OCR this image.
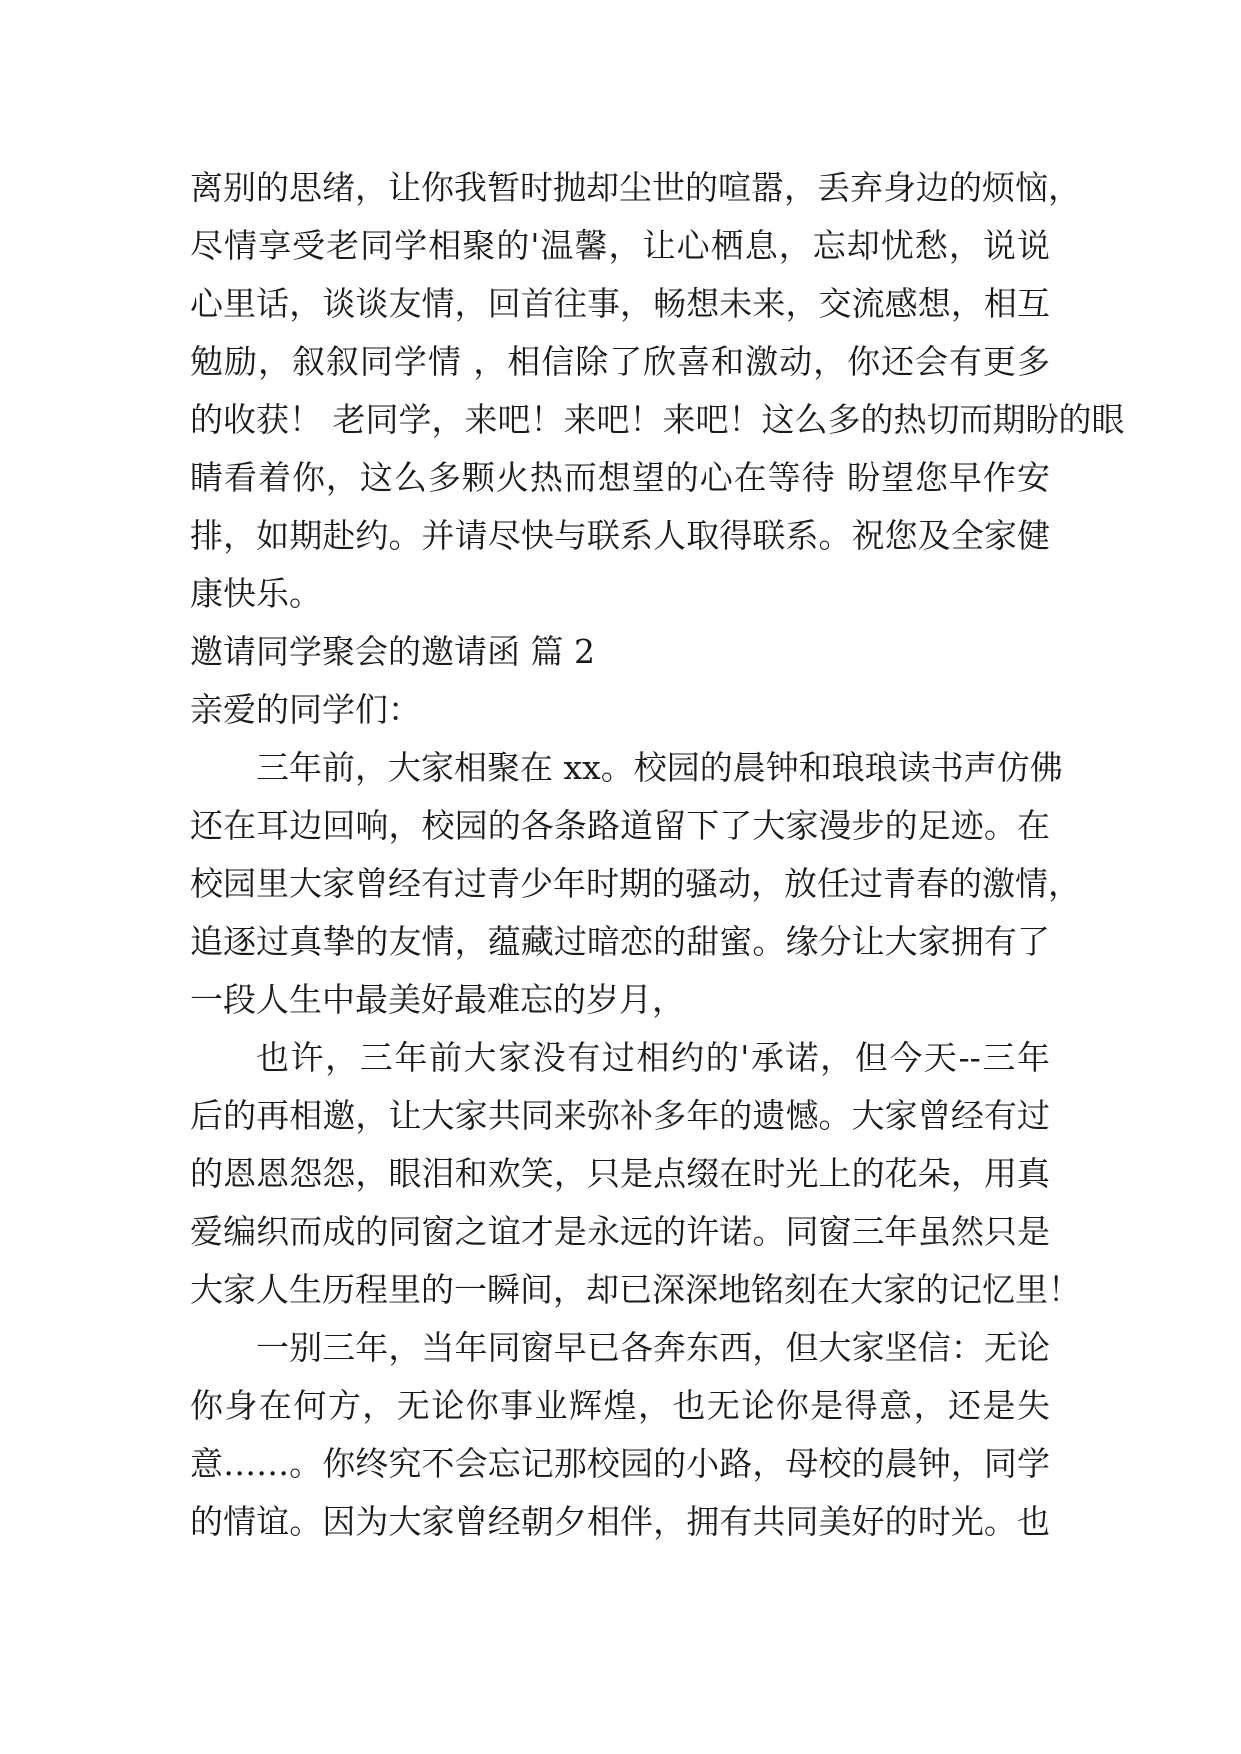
离别的思绪，让你我暂时抛却尘世的喧嚣，丢弃身边的烦恼，
尽情享受老同学相聚的'温馨，让心栖息，忘却忧愁，说说
心里话，谈谈友情，回首往事，畅想未来，交流感想，相互
勉励，叙叙同学情 ，相信除了欣喜和激动，你还会有更多
的收获！ 老同学，来吧！来吧！来吧！这么多的热切而期盼的眼
睛看着你，这么多颗火热而想望的心在等待 盼望您早作安
排，如期赴约。并请尽快与联系人取得联系。祝您及全家健
康快乐。
邀请同学聚会的邀请函 篇 2
亲爱的同学们：
三年前，大家相聚在 xx。校园的晨钟和琅琅读书声仿佛
还在耳边回响，校园的各条路道留下了大家漫步的足迹。在
校园里大家曾经有过青少年时期的骚动，放任过青春的激情，
追逐过真挚的友情，蕴藏过暗恋的甜蜜。缘分让大家拥有了
一段人生中最美好最难忘的岁月，
也许，三年前大家没有过相约的'承诺，但今天--三年
后的再相邀，让大家共同来弥补多年的遗憾。大家曾经有过
的恩恩怨怨，眼泪和欢笑，只是点缀在时光上的花朵，用真
爱编织而成的同窗之谊才是永远的许诺。同窗三年虽然只是
大家人生历程里的一瞬间，却已深深地铭刻在大家的记忆里！
一别三年，当年同窗早已各奔东西，但大家坚信：无论
你身在何方，无论你事业辉煌，也无论你是得意，还是失
意……。你终究不会忘记那校园的小路，母校的晨钟，同学
的情谊。因为大家曾经朝夕相伴，拥有共同美好的时光。也
